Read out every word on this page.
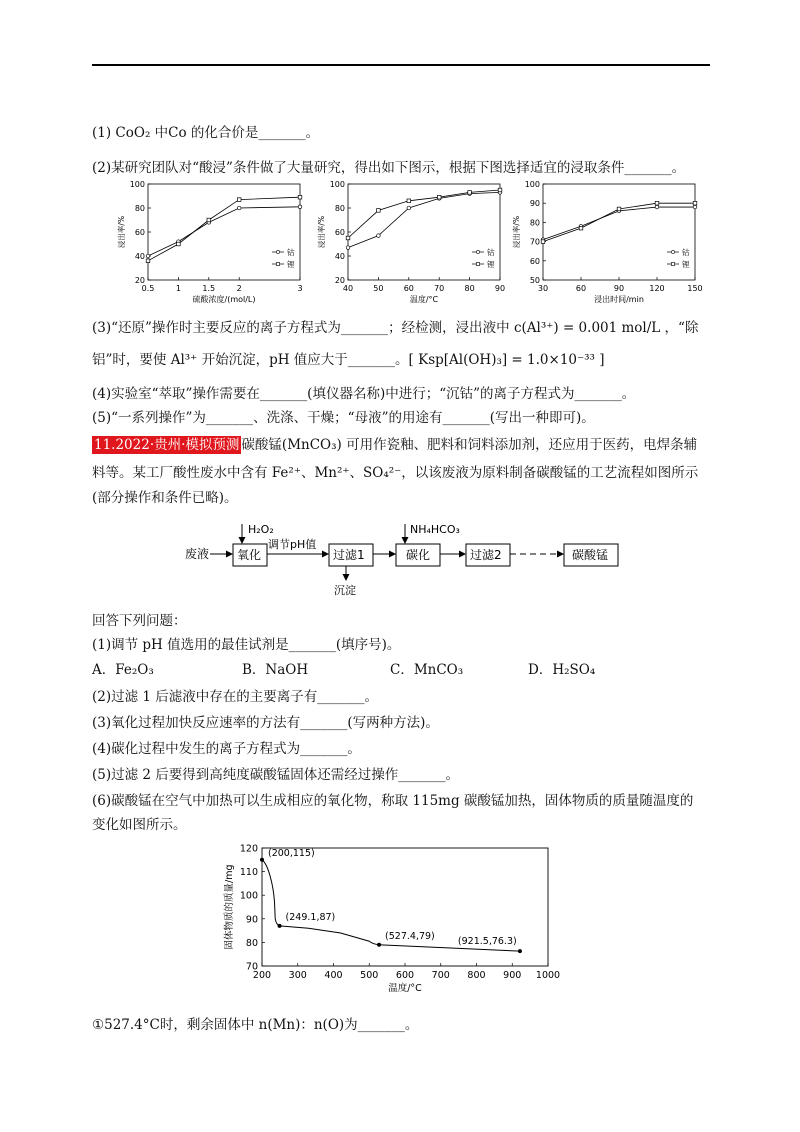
(1) CoO₂ 中Co 的化合价是_______。
(2)某研究团队对“酸浸”条件做了大量研究，得出如下图示，根据下图选择适宜的浸取条件_______。
0.5	1	1.5	2	3
20
40
60
80
100
硫酸浓度/(mol/L)
浸出率/%
钴
锂
40	50	60	70	80	90
20
40
60
80
100
温度/°C
浸出率/%
钴
锂
30	60	90	120	150
50
60
70
80
90
100
浸出时间/min
浸出率/%
钴
锂
(3)“还原”操作时主要反应的离子方程式为_______；经检测，浸出液中 c(Al³⁺) = 0.001 mol/L ，“除
铝”时，要使 Al³⁺ 开始沉淀，pH 值应大于_______。[ Ksp[Al(OH)₃] = 1.0×10⁻³³ ]
(4)实验室“萃取”操作需要在_______(填仪器名称)中进行；“沉钴”的离子方程式为_______。
(5)“一系列操作”为_______、洗涤、干燥；“母液”的用途有_______(写出一种即可)。
11.2022·贵州·模拟预测 碳酸锰(MnCO₃) 可用作瓷釉、肥料和饲料添加剂，还应用于医药，电焊条辅
料等。某工厂酸性废水中含有 Fe²⁺、Mn²⁺、SO₄²⁻，以该废液为原料制备碳酸锰的工艺流程如图所示
(部分操作和条件已略)。
废液 氧化
H₂O₂
调节pH值
过滤1
沉淀
碳化
NH₄HCO₃
过滤2	碳酸锰
回答下列问题：
(1)调节 pH 值选用的最佳试剂是_______(填序号)。
A．Fe₂O₃	B．NaOH	C．MnCO₃	D．H₂SO₄
(2)过滤 1 后滤液中存在的主要离子有_______。
(3)氧化过程加快反应速率的方法有_______(写两种方法)。
(4)碳化过程中发生的离子方程式为_______。
(5)过滤 2 后要得到高纯度碳酸锰固体还需经过操作_______。
(6)碳酸锰在空气中加热可以生成相应的氧化物，称取 115mg 碳酸锰加热，固体物质的质量随温度的
变化如图所示。
200 300 400 500 600 700 800 900 1000
70
80
90
100
110
120
温度/°C
固体物质的质量/mg
(200,115)
(249.1,87)
(527.4,79) (921.5,76.3)
①527.4°C时，剩余固体中 n(Mn)：n(O)为_______。
